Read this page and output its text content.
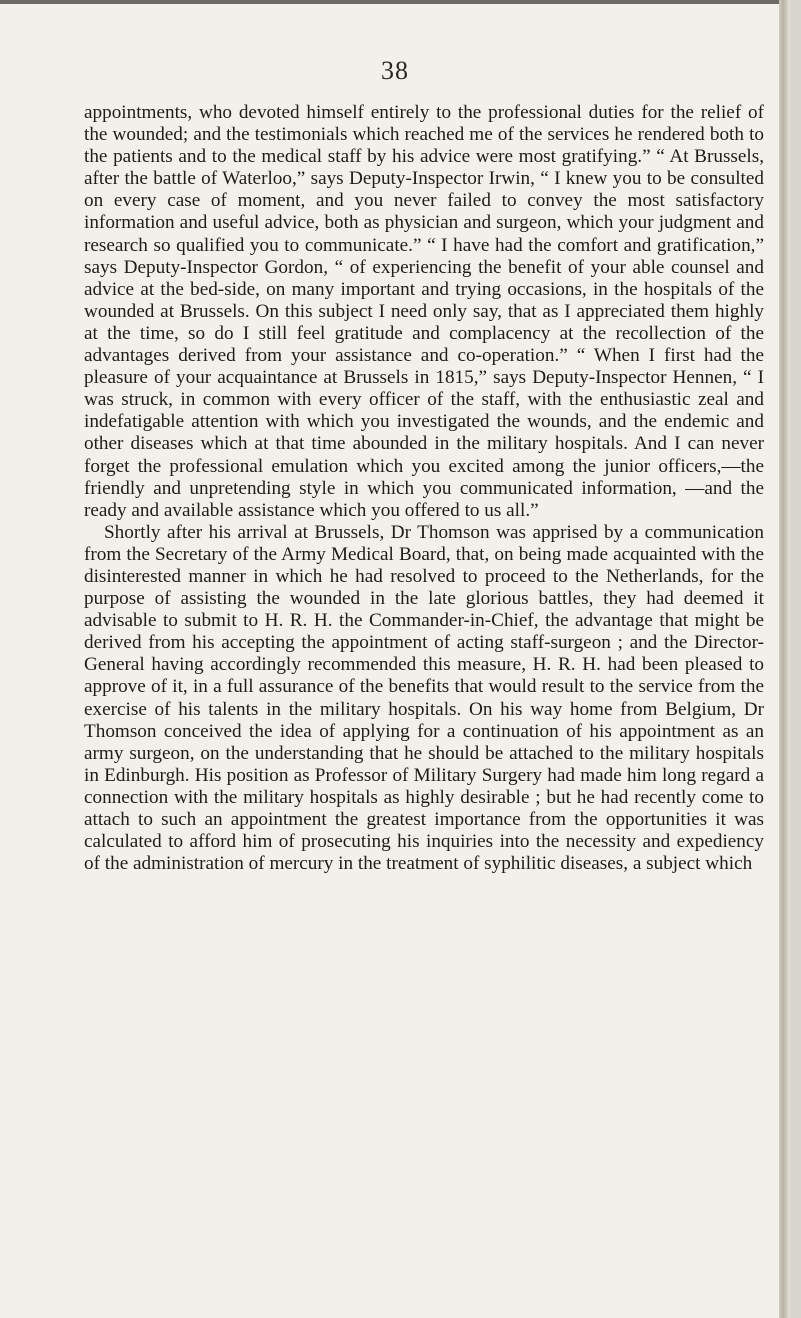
38

appointments, who devoted himself entirely to the professional duties for the relief of the wounded; and the testimonials which reached me of the services he rendered both to the patients and to the medical staff by his advice were most gratifying.” “ At Brussels, after the battle of Waterloo,” says Deputy-Inspector Irwin, “ I knew you to be consulted on every case of moment, and you never failed to convey the most satisfactory information and useful advice, both as physician and surgeon, which your judgment and research so qualified you to communicate.” “ I have had the comfort and gratification,” says Deputy-Inspector Gordon, “ of experiencing the benefit of your able counsel and advice at the bed-side, on many important and trying occasions, in the hospitals of the wounded at Brussels. On this subject I need only say, that as I appreciated them highly at the time, so do I still feel gratitude and complacency at the recollection of the advantages derived from your assistance and co-operation.” “ When I first had the pleasure of your acquaintance at Brussels in 1815,” says Deputy-Inspector Hennen, “ I was struck, in common with every officer of the staff, with the enthusiastic zeal and indefatigable attention with which you investigated the wounds, and the endemic and other diseases which at that time abounded in the military hospitals. And I can never forget the professional emulation which you excited among the junior officers,—the friendly and unpretending style in which you communicated information, —and the ready and available assistance which you offered to us all.”

Shortly after his arrival at Brussels, Dr Thomson was apprised by a communication from the Secretary of the Army Medical Board, that, on being made acquainted with the disinterested manner in which he had resolved to proceed to the Netherlands, for the purpose of assisting the wounded in the late glorious battles, they had deemed it advisable to submit to H. R. H. the Commander-in-Chief, the advantage that might be derived from his accepting the appointment of acting staff-surgeon ; and the Director-General having accordingly recommended this measure, H. R. H. had been pleased to approve of it, in a full assurance of the benefits that would result to the service from the exercise of his talents in the military hospitals. On his way home from Belgium, Dr Thomson conceived the idea of applying for a continuation of his appointment as an army surgeon, on the understanding that he should be attached to the military hospitals in Edinburgh. His position as Professor of Military Surgery had made him long regard a connection with the military hospitals as highly desirable ; but he had recently come to attach to such an appointment the greatest importance from the opportunities it was calculated to afford him of prosecuting his inquiries into the necessity and expediency of the administration of mercury in the treatment of syphilitic diseases, a subject which
